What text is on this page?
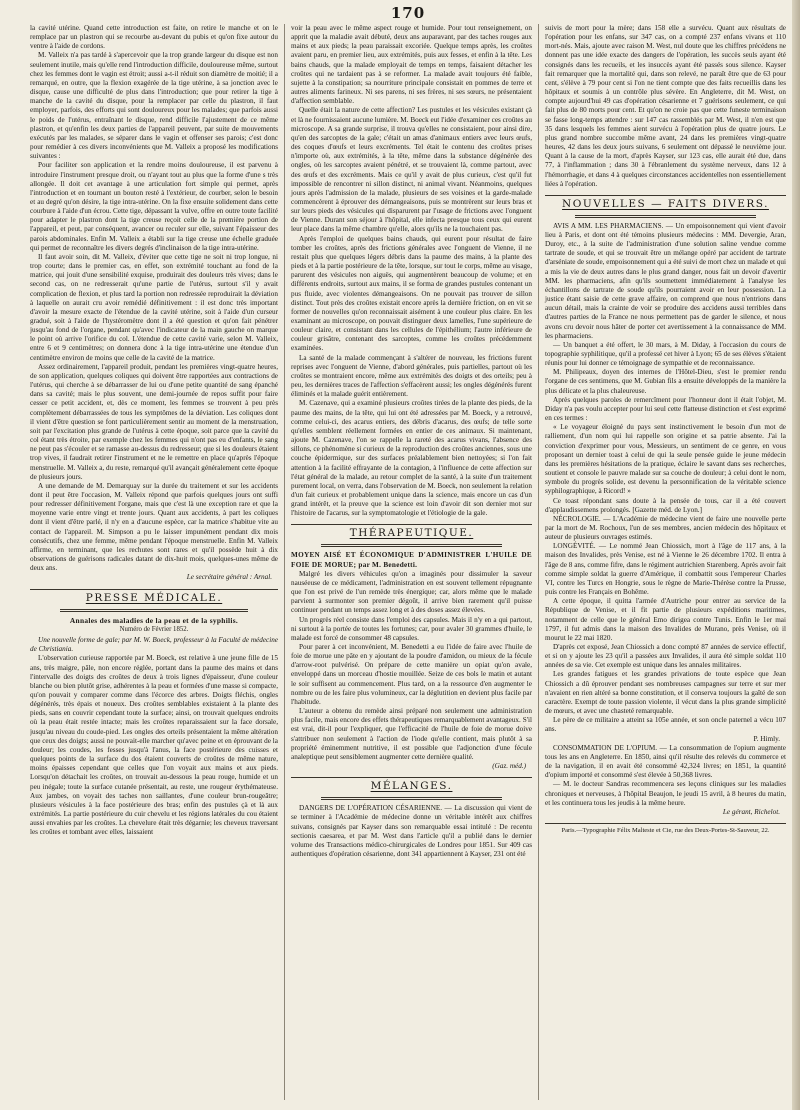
170

la cavité utérine. Quand cette introduction est faite, on retire le manche et on le remplace par un plastron qui se recourbe au-devant du pubis et qu'on fixe autour du ventre à l'aide de cordons.

M. Valleix n'a pas tardé à s'apercevoir que la trop grande largeur du disque est non seulement inutile, mais qu'elle rend l'introduction difficile, douloureuse même, surtout chez les femmes dont le vagin est étroit; aussi a-t-il réduit son diamètre de moitié; il a remarqué, en outre, que la flexion exagérée de la tige utérine, à sa jonction avec le disque, cause une difficulté de plus dans l'introduction; que pour retirer la tige à manche de la cavité du disque, pour la remplacer par celle du plastron, il faut employer, parfois, des efforts qui sont douloureux pour les malades; que parfois aussi le poids de l'utérus, entraînant le disque, rend difficile l'ajustement de ce même plastron, et qu'enfin les deux parties de l'appareil peuvent, par suite de mouvements exécutés par les malades, se séparer dans le vagin et offenser ses parois; c'est donc pour remédier à ces divers inconvénients que M. Valleix a proposé les modifications suivantes :

Pour faciliter son application et la rendre moins douloureuse, il est parvenu à introduire l'instrument presque droit, ou n'ayant tout au plus que la forme d'une s très allongée. Il doit cet avantage à une articulation fort simple qui permet, après l'introduction et en tournant un bouton resté à l'extérieur, de courber, selon le besoin et au degré qu'on désire, la tige intra-utérine. On la fixe ensuite solidement dans cette courbure à l'aide d'un écrou. Cette tige, dépassant la vulve, offre en outre toute facilité pour adapter le plastron dont la tige creuse reçoit celle de la première portion de l'appareil, et peut, par conséquent, avancer ou reculer sur elle, suivant l'épaisseur des parois abdominales. Enfin M. Valleix a établi sur la tige creuse une échelle graduée qui permet de reconnaître les divers degrés d'inclinaison de la tige intra-utérine.

Il faut avoir soin, dit M. Valleix, d'éviter que cette tige ne soit ni trop longue, ni trop courte; dans le premier cas, en effet, son extrémité touchant au fond de la matrice, qui jouit d'une sensibilité exquise, produirait des douleurs très vives; dans le second cas, on ne redresserait qu'une partie de l'utérus, surtout s'il y avait complication de flexion, et plus tard la portion non redressée reproduirait la déviation à laquelle on aurait cru avoir remédié définitivement : il est donc très important d'avoir la mesure exacte de l'étendue de la cavité utérine, soit à l'aide d'un curseur gradué, soit à l'aide de l'hystéromètre dont il a été question et qu'on fait pénétrer jusqu'au fond de l'organe, pendant qu'avec l'indicateur de la main gauche on marque le point où arrive l'orifice du col. L'étendue de cette cavité varie, selon M. Valleix, entre 6 et 9 centimètres; on donnera donc à la tige intra-utérine une étendue d'un centimètre environ de moins que celle de la cavité de la matrice.

Assez ordinairement, l'appareil produit, pendant les premières vingt-quatre heures, de son application, quelques coliques qui doivent être rapportées aux contractions de l'utérus, qui cherche à se débarrasser de lui ou d'une petite quantité de sang épanché dans sa cavité; mais le plus souvent, une demi-journée de repos suffit pour faire cesser ce petit accident, et, dès ce moment, les femmes se trouvent à peu près complètement débarrassées de tous les symptômes de la déviation. Les coliques dont il vient d'être question se font particulièrement sentir au moment de la menstruation, soit par l'excitation plus grande de l'utérus à cette époque, soit parce que la cavité du col étant très étroite, par exemple chez les femmes qui n'ont pas eu d'enfants, le sang ne peut pas s'écouler et se ramasse au-dessus du redresseur; que si les douleurs étaient trop vives, il faudrait retirer l'instrument et ne le remettre en place qu'après l'époque menstruelle. M. Valleix a, du reste, remarqué qu'il avançait généralement cette époque de plusieurs jours.

A une demande de M. Demarquay sur la durée du traitement et sur les accidents dont il peut être l'occasion, M. Valleix répond que parfois quelques jours ont suffi pour redresser définitivement l'organe, mais que c'est là une exception rare et que la moyenne varie entre vingt et trente jours. Quant aux accidents, à part les coliques dont il vient d'être parlé, il n'y en a d'aucune espèce, car la matrice s'habitue vite au contact de l'appareil. M. Simpson a pu le laisser impunément pendant dix mois consécutifs, chez une femme, même pendant l'époque menstruelle. Enfin M. Valleix affirme, en terminant, que les rechutes sont rares et qu'il possède huit à dix observations de guérisons radicales datant de dix-huit mois, quelques-unes même de deux ans.

Le secrétaire général : Arnal.
PRESSE MÉDICALE.
Annales des maladies de la peau et de la syphilis.
Numéro de Février 1852.

Une nouvelle forme de gale; par M. W. Boeck, professeur à la Faculté de médecine de Christiania.

L'observation curieuse rapportée par M. Boeck, est relative à une jeune fille de 15 ans, très maigre, pâle, non encore réglée, portant dans la paume des mains et dans l'intervalle des doigts des croûtes de deux à trois lignes d'épaisseur, d'une couleur blanche ou bien plutôt grise, adhérentes à la peau et formées d'une masse si compacte, qu'on pouvait y comparer comme dans l'écorce des arbres. Doigts fléchis, ongles dégénérés, très épais et noueux. Des croûtes semblables existaient à la plante des pieds, sans en couvrir cependant toute la surface; ainsi, on trouvait quelques endroits où la peau était restée intacte; mais les croûtes reparaissaient sur la face dorsale, jusqu'au niveau du coude-pied. Les ongles des orteils présentaient la même altération que ceux des doigts; aussi ne pouvait-elle marcher qu'avec peine et en éprouvant de la douleur; les coudes, les fesses jusqu'à l'anus, la face postérieure des cuisses et quelques points de la surface du dos étaient couverts de croûtes de même nature, moins épaisses cependant que celles que l'on voyait aux mains et aux pieds. Lorsqu'on détachait les croûtes, on trouvait au-dessous la peau rouge, humide et un peu inégale; toute la surface cutanée présentait, au reste, une rougeur érythémateuse. Aux jambes, on voyait des taches non saillantes, d'une couleur brun-rougeâtre; plusieurs vésicules à la face postérieure des bras; enfin des pustules çà et là aux extrémités. La partie postérieure du cuir chevelu et les régions latérales du cou étaient aussi envahies par les croûtes. La chevelure était très dégarnie; les cheveux traversant les croûtes et tombant avec elles, laissaient

voir la peau avec le même aspect rouge et humide. Pour tout renseignement, on apprit que la maladie avait débuté, deux ans auparavant, par des taches rouges aux mains et aux pieds; la peau paraissait excoriée. Quelque temps après, les croûtes avaient paru, en premier lieu, aux extrémités, puis aux fesses, et enfin à la tête. Les bains chauds, que la malade employait de temps en temps, faisaient détacher les croûtes qui ne tardaient pas à se reformer. La malade avait toujours été faible, sujette à la constipation; sa nourriture principale consistait en pommes de terre et autres aliments farineux. Ni ses parens, ni ses frères, ni ses sœurs, ne présentaient d'affection semblable.

Quelle était la nature de cette affection? Les pustules et les vésicules existant çà et là ne fournissaient aucune lumière. M. Boeck eut l'idée d'examiner ces croûtes au microscope. A sa grande surprise, il trouva qu'elles ne consistaient, pour ainsi dire, qu'en des sarcoptes de la gale; c'était un amas d'animaux entiers avec leurs œufs, des coques d'œufs et leurs excréments. Tel était le contenu des croûtes prises n'importe où, aux extrémités, à la tête, même dans la substance dégénérée des ongles, où les sarcoptes avaient pénétré, et se trouvaient là, comme partout, avec des œufs et des excréments. Mais ce qu'il y avait de plus curieux, c'est qu'il fut impossible de rencontrer ni sillon distinct, ni animal vivant. Néanmoins, quelques jours après l'admission de la malade, plusieurs de ses voisines et la garde-malade commencèrent à éprouver des démangeaisons, puis se montrèrent sur leurs bras et sur leurs pieds des vésicules qui disparurent par l'usage de frictions avec l'onguent de Vienne. Durant son séjour à l'hôpital, elle infecta presque tous ceux qui eurent leur place dans la même chambre qu'elle, alors qu'ils ne la touchaient pas.

Après l'emploi de quelques bains chauds, qui eurent pour résultat de faire tomber les croûtes, après des frictions générales avec l'onguent de Vienne, il ne restait plus que quelques légers débris dans la paume des mains, à la plante des pieds et à la partie postérieure de la tête, lorsque, sur tout le corps, même au visage, parurent des vésicules non aiguës, qui augmentèrent beaucoup de volume; et en différents endroits, surtout aux mains, il se forma de grandes pustules contenant un pus fluide, avec violentes démangeaisons. On ne pouvait pas trouver de sillon distinct. Tout près des croûtes existait encore après la dernière friction, on en vit se former de nouvelles qu'on reconnaissait aisément à une couleur plus claire. En les examinant au microscope, on pouvait distinguer deux lamelles, l'une supérieure de couleur claire, et consistant dans les cellules de l'épithélium; l'autre inférieure de couleur grisâtre, contenant des sarcoptes, comme les croûtes précédemment examinées.

La santé de la malade commençant à s'altérer de nouveau, les frictions furent reprises avec l'onguent de Vienne, d'abord générales, puis partielles, partout où les croûtes se montraient encore, même aux extrémités des doigts et des orteils; peu à peu, les dernières traces de l'affection s'effacèrent aussi; les ongles dégénérés furent éliminés et la malade guérit entièrement.

M. Cazenave, qui a examiné plusieurs croûtes tirées de la plante des pieds, de la paume des mains, de la tête, qui lui ont été adressées par M. Boeck, y a retrouvé, comme celui-ci, des acarus entiers, des débris d'acarus, des œufs; de telle sorte qu'elles semblent réellement formées en entier de ces animaux. Si maintenant, ajoute M. Cazenave, l'on se rappelle la rareté des acarus vivans, l'absence des sillons, ce phénomène si curieux de la reproduction des croûtes anciennes, sous une couche épidermique, sur des surfaces préalablement bien nettoyées; si l'on fait attention à la facilité effrayante de la contagion, à l'influence de cette affection sur l'état général de la malade, au retour complet de la santé, à la suite d'un traitement purement local, on verra, dans l'observation de M. Boeck, non seulement la relation d'un fait curieux et probablement unique dans la science, mais encore un cas d'un grand intérêt, et la preuve que la science est loin d'avoir dit son dernier mot sur l'histoire de l'acarus, sur la symptomatologie et l'étiologie de la gale.

THÉRAPEUTIQUE.

MOYEN AISÉ ET ÉCONOMIQUE D'ADMINISTRER L'HUILE DE FOIE DE MORUE; par M. Benedetti.

Malgré les divers véhicules qu'on a imaginés pour dissimuler la saveur nauséeuse de ce médicament, l'administration en est souvent tellement répugnante que l'on est privé de l'un remède très énergique; car, alors même que le malade parvient à surmonter son premier dégoût, il arrive bien rarement qu'il puisse continuer pendant un temps assez long et à des doses assez élevées.

Un progrès réel consiste dans l'emploi des capsules. Mais il n'y en a qui partout, ni surtout à la portée de toutes les fortunes; car, pour avaler 30 grammes d'huile, le malade est forcé de consommer 48 capsules.

Pour parer à cet inconvénient, M. Benedetti a eu l'idée de faire avec l'huile de foie de morue une pâte en y ajoutant de la poudre d'amidon, ou mieux de la fécule d'arrow-root pulvérisé. On prépare de cette manière un opiat qu'on avale, enveloppé dans un morceau d'hostie mouillée. Seize de ces bols le matin et autant le soir suffisent au commencement. Plus tard, on a la ressource d'en augmenter le nombre ou de les faire plus volumineux, car la déglutition en devient plus facile par l'habitude.

L'auteur a obtenu du remède ainsi préparé non seulement une administration plus facile, mais encore des effets thérapeutiques remarquablement avantageux. S'il est vrai, dit-il pour l'expliquer, que l'efficacité de l'huile de foie de morue doive s'attribuer non seulement à l'action de l'iode qu'elle contient, mais plutôt à sa propriété éminemment nutritive, il est possible que l'adjonction d'une fécule analeptique peut sensiblement augmenter cette dernière qualité.

(Gaz. méd.)
MÉLANGES.

DANGERS DE L'OPÉRATION CÉSARIENNE. — La discussion qui vient de se terminer à l'Académie de médecine donne un véritable intérêt aux chiffres suivans, consignés par Kayser dans son remarquable essai intitulé : De recentu sectionis caesarea, et par M. West dans l'article qu'il a publié dans le dernier volume des Transactions médico-chirurgicales de Londres pour 1851. Sur 409 cas authentiques d'opération césarienne, dont 341 appartiennent à Kayser, 231 ont été

suivis de mort pour la mère; dans 158 elle a survécu. Quant aux résultats de l'opération pour les enfans, sur 347 cas, on a compté 237 enfans vivans et 110 mort-nés. Mais, ajoute avec raison M. West, nul doute que les chiffres précédens ne donnent pas une idée exacte des dangers de l'opération, les succès seuls ayant été consignés dans les recueils, et les insuccès ayant été passés sous silence. Kayser fait remarquer que la mortalité qui, dans son relevé, ne paraît être que de 63 pour cent, s'élève à 79 pour cent si l'on ne tient compte que des faits recueillis dans les hôpitaux et soumis à un contrôle plus sévère. En Angleterre, dit M. West, on compte aujourd'hui 49 cas d'opération césarienne et 7 guérisons seulement, ce qui fait plus de 80 morts pour cent. Et qu'on ne croie pas que cette funeste terminaison se fasse long-temps attendre : sur 147 cas rassemblés par M. West, il n'en est que 35 dans lesquels les femmes aient survécu à l'opération plus de quatre jours. Le plus grand nombre succombe même avant, 24 dans les premières vingt-quatre heures, 42 dans les deux jours suivans, 6 seulement ont dépassé le neuvième jour. Quant à la cause de la mort, d'après Kayser, sur 123 cas, elle aurait été due, dans 77, à l'inflammation ; dans 30 à l'ébranlement du système nerveux, dans 12 à l'hémorrhagie, et dans 4 à quelques circonstances accidentelles non essentiellement liées à l'opération.

NOUVELLES — FAITS DIVERS.

AVIS A MM. LES PHARMACIENS. — Un empoisonnement qui vient d'avoir lieu à Paris, et dont ont été témoins plusieurs médecins : MM. Devergie, Aran, Duroy, etc., à la suite de l'administration d'une solution saline vendue comme tartrate de soude, et qui se trouvait être un mélange opéré par accident de tartrate d'arséniate de soude, empoisonnement qui a été suivi de mort chez un malade et qui a mis la vie de deux autres dans le plus grand danger, nous fait un devoir d'avertir MM. les pharmaciens, afin qu'ils soumettent immédiatement à l'analyse les échantillons de tartrate de soude qu'ils pourraient avoir en leur possession. La justice étant saisie de cette grave affaire, on comprend que nous n'entrions dans aucun détail, mais la crainte de voir se produire des accidens aussi terribles dans d'autres parties de la France ne nous permettent pas de garder le silence, et nous avons cru devoir nous hâter de porter cet avertissement à la connaissance de MM. les pharmaciens.

— Un banquet a été offert, le 30 mars, à M. Diday, à l'occasion du cours de topographie syphilitique, qu'il a professé cet hiver à Lyon; 65 de ses élèves s'étaient réunis pour lui donner ce témoignage de sympathie et de reconnaissance.

M. Philipeaux, doyen des internes de l'Hôtel-Dieu, s'est le premier rendu l'organe de ces sentimens, que M. Gubian fils a ensuite développés de la manière la plus délicate et la plus chaleureuse.

Après quelques paroles de remercîment pour l'honneur dont il était l'objet, M. Diday n'a pas voulu accepter pour lui seul cette flatteuse distinction et s'est exprimé en ces termes :

« Le voyageur éloigné du pays sent instinctivement le besoin d'un mot de ralliement, d'un nom qui lui rappelle son origine et sa patrie absente. J'ai la conviction d'exprimer pour vous, Messieurs, un sentiment de ce genre, en vous proposant un dernier toast à celui de qui la seule pensée guide le jeune médecin dans les premières hésitations de la pratique, éclaire le savant dans ses recherches, soutient et console le pauvre malade sur sa couche de douleur; à celui dont le nom, symbole du progrès solide, est devenu la personnification de la véritable science syphilographique, à Ricord! »

Ce toast répondant sans doute à la pensée de tous, car il a été couvert d'applaudissemens prolongés. [Gazette méd. de Lyon.]

NÉCROLOGIE. — L'Académie de médecine vient de faire une nouvelle perte par la mort de M. Rochoux, l'un de ses membres, ancien médecin des hôpitaux et auteur de plusieurs ouvrages estimés.

LONGÉVITÉ. — Le nommé Jean Chiossich, mort à l'âge de 117 ans, à la maison des Invalides, près Venise, est né à Vienne le 26 décembre 1702. Il entra à l'âge de 8 ans, comme fifre, dans le régiment autrichien Starenberg. Après avoir fait comme simple soldat la guerre d'Amérique, il combattit sous l'empereur Charles VI, contre les Turcs en Hongrie, sous le règne de Marie-Thérèse contre la Prusse, puis contre les Français en Bohême.

A cette époque, il quitta l'armée d'Autriche pour entrer au service de la République de Venise, et il fit partie de plusieurs expéditions maritimes, notamment de celle que le général Emo dirigea contre Tunis. Enfin le 1er mai 1797, il fut admis dans la maison des Invalides de Murano, près Venise, où il mourut le 22 mai 1820.

D'après cet exposé, Jean Chiossich a donc compté 87 années de service effectif, et si on y ajoute les 23 qu'il a passées aux Invalides, il aura été simple soldat 110 années de sa vie. Cet exemple est unique dans les annales militaires.

Les grandes fatigues et les grandes privations de toute espèce que Jean Chiossich a dû éprouver pendant ses nombreuses campagnes sur terre et sur mer n'avaient en rien altéré sa bonne constitution, et il conserva toujours la gaîté de son caractère. Exempt de toute passion violente, il vécut dans la plus grande simplicité de mœurs, et avec une chasteté remarquable.

Le père de ce militaire a atteint sa 105e année, et son oncle paternel a vécu 107 ans.

P. Himly.

CONSOMMATION DE L'OPIUM. — La consommation de l'opium augmente tous les ans en Angleterre. En 1850, ainsi qu'il résulte des relevés du commerce et de la navigation, il en avait été consommé 42,324 livres; en 1851, la quantité d'opium importé et consommé s'est élevée à 50,368 livres.

— M. le docteur Sandras recommencera ses leçons cliniques sur les maladies chroniques et nerveuses, à l'hôpital Beaujon, le jeudi 15 avril, à 8 heures du matin, et les continuera tous les jeudis à la même heure.

Le gérant, Richelot.
Paris.—Typographie Félix Malteste et Cie, rue des Deux-Portes-St-Sauveur, 22.
